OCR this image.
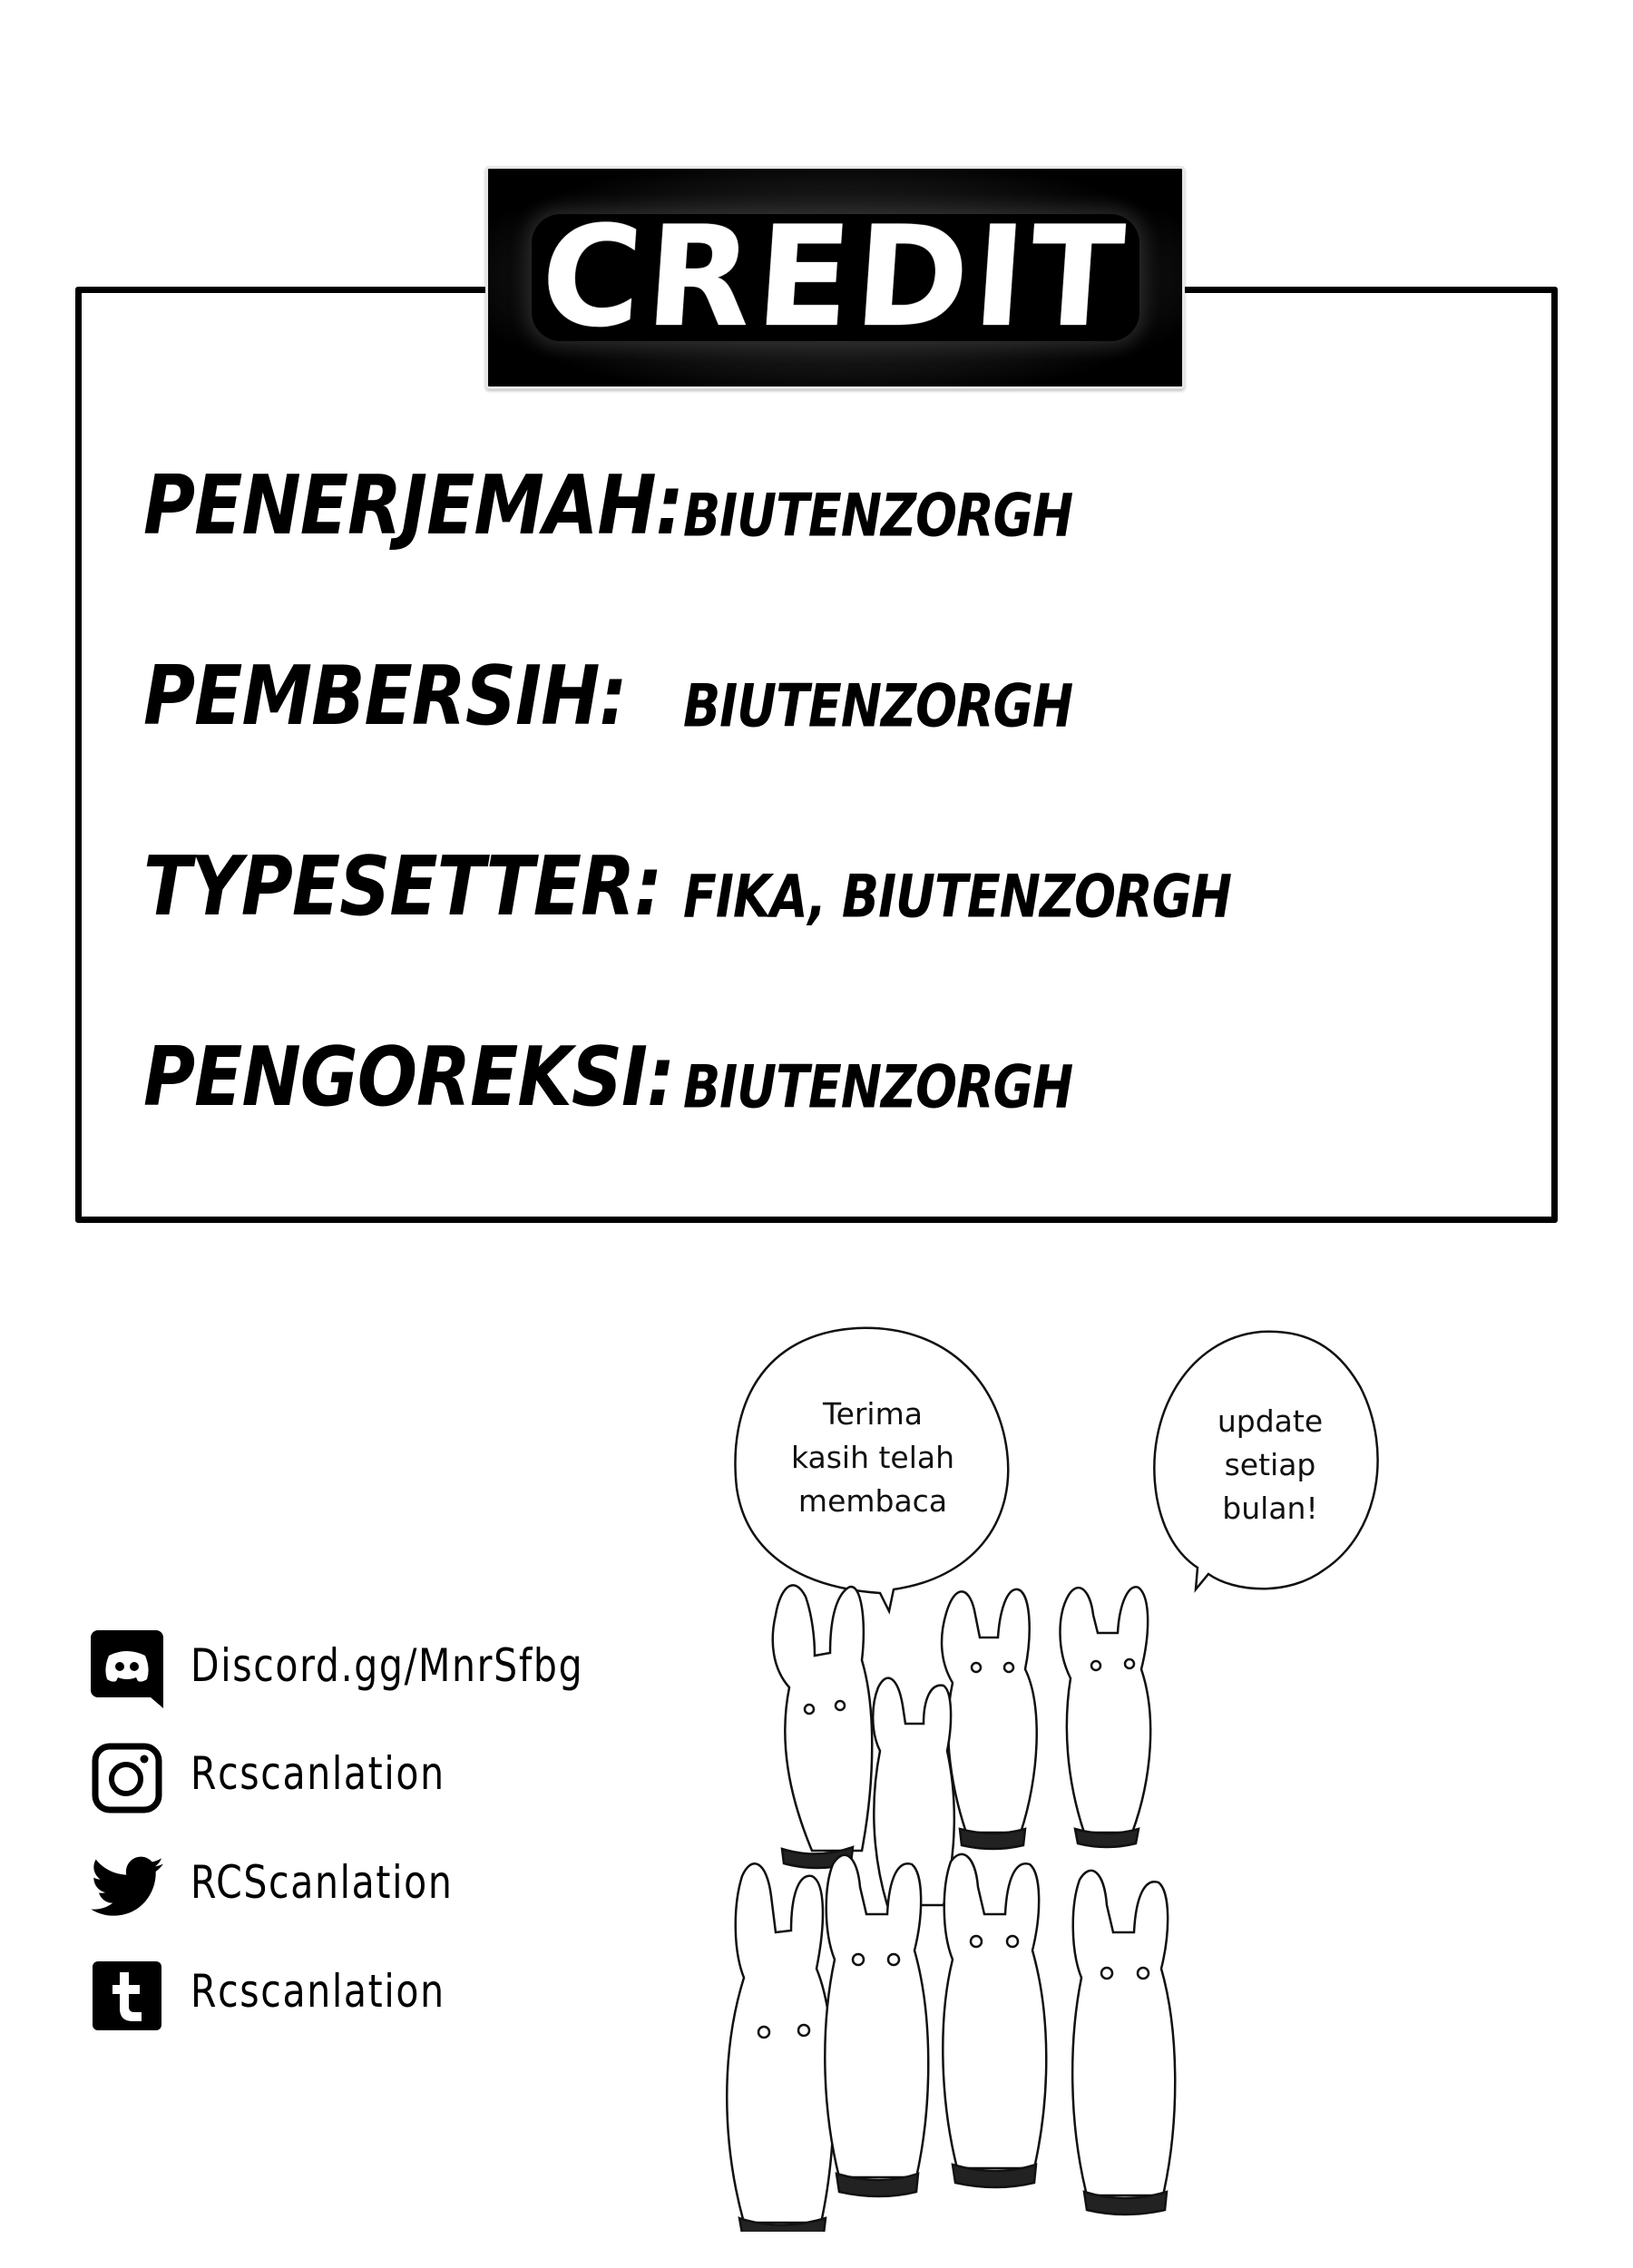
CREDIT
PENERJEMAH: BIUTENZORGH
PEMBERSIH: BIUTENZORGH
TYPESETTER: FIKA, BIUTENZORGH
PENGOREKSI: BIUTENZORGH
Discord.gg/MnrSfbg
Rcscanlation
RCScanlation
Rcscanlation
Terima
kasih telah
membaca
update
setiap
bulan!
